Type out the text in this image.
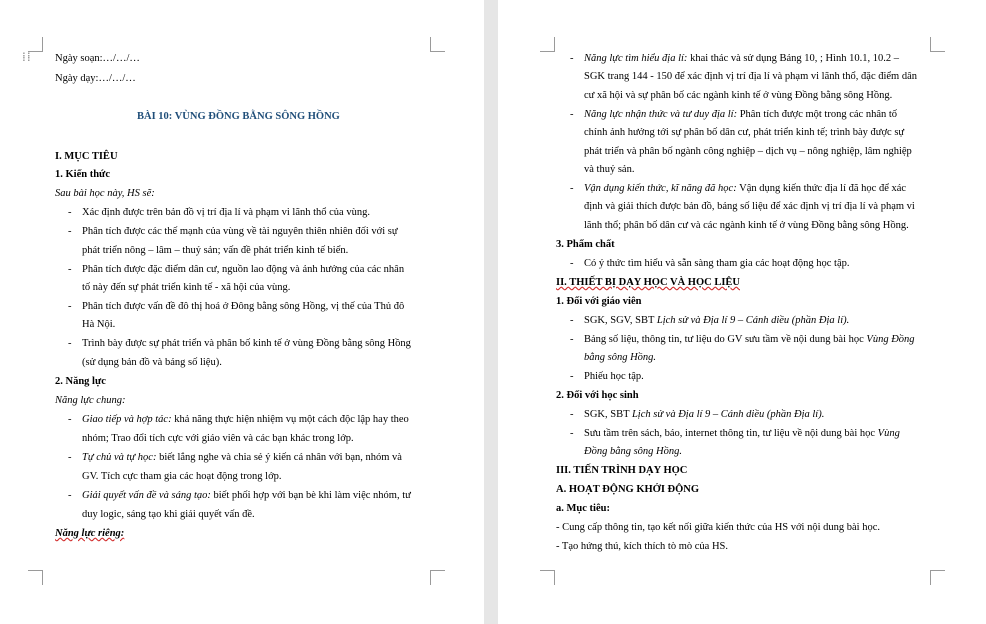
⁞⁞ Ngày soạn:…/…/…
Ngày dạy:…/…/…
BÀI 10: VÙNG ĐỒNG BẰNG SÔNG HỒNG
I. MỤC TIÊU
1. Kiến thức
Sau bài học này, HS sẽ:
- Xác định được trên bản đồ vị trí địa lí và phạm vi lãnh thổ của vùng.
- Phân tích được các thế mạnh của vùng về tài nguyên thiên nhiên đối với sự
phát triển nông – lâm – thuỷ sản; vấn đề phát triển kinh tế biển.
- Phân tích được đặc điểm dân cư, nguồn lao động và ảnh hưởng của các nhân
tố này đến sự phát triển kinh tế - xã hội của vùng.
- Phân tích được vấn đề đô thị hoá ở Đông bằng sông Hồng, vị thế của Thủ đô
Hà Nội.
- Trình bày được sự phát triển và phân bố kinh tế ở vùng Đồng bằng sông Hồng
(sử dụng bản đồ và bảng số liệu).
2. Năng lực
Năng lực chung:
- Giao tiếp và hợp tác: khả năng thực hiện nhiệm vụ một cách độc lập hay theo
nhóm; Trao đổi tích cực với giáo viên và các bạn khác trong lớp.
- Tự chủ và tự học: biết lắng nghe và chia sẻ ý kiến cá nhân với bạn, nhóm và
GV. Tích cực tham gia các hoạt động trong lớp.
- Giải quyết vấn đề và sáng tạo: biết phối hợp với bạn bè khi làm việc nhóm, tư
duy logic, sáng tạo khi giải quyết vấn đề.
Năng lực riêng:
- Năng lực tìm hiểu địa lí: khai thác và sử dụng Bảng 10, ; Hình 10.1, 10.2 –
SGK trang 144 - 150 để xác định vị trí địa lí và phạm vi lãnh thổ, đặc điểm dân
cư xã hội và sự phân bố các ngành kinh tế ở vùng Đồng bằng sông Hồng.
- Năng lực nhận thức và tư duy địa lí: Phân tích được một trong các nhân tố
chính ảnh hưởng tới sự phân bố dân cư, phát triển kinh tế; trình bày được sự
phát triển và phân bố ngành công nghiệp – dịch vụ – nông nghiệp, lâm nghiệp
và thuỷ sản.
- Vận dụng kiến thức, kĩ năng đã học: Vận dụng kiến thức địa lí đã học để xác
định và giải thích được bản đồ, bảng số liệu để xác định vị trí địa lí và phạm vi
lãnh thổ; phân bố dân cư và các ngành kinh tế ở vùng Đồng bằng sông Hồng.
3. Phẩm chất
- Có ý thức tìm hiểu và sẵn sàng tham gia các hoạt động học tập.
II. THIẾT BỊ DẠY HỌC VÀ HỌC LIỆU
1. Đối với giáo viên
- SGK, SGV, SBT Lịch sử và Địa lí 9 – Cánh diều (phần Địa lí).
- Bảng số liệu, thông tin, tư liệu do GV sưu tầm về nội dung bài học Vùng Đồng
bằng sông Hồng.
- Phiếu học tập.
2. Đối với học sinh
- SGK, SBT Lịch sử và Địa lí 9 – Cánh diều (phần Địa lí).
- Sưu tầm trên sách, báo, internet thông tin, tư liệu về nội dung bài học Vùng
Đồng bằng sông Hồng.
III. TIẾN TRÌNH DẠY HỌC
A. HOẠT ĐỘNG KHỞI ĐỘNG
a. Mục tiêu:
- Cung cấp thông tin, tạo kết nối giữa kiến thức của HS với nội dung bài học.
- Tạo hứng thú, kích thích tò mò của HS.
